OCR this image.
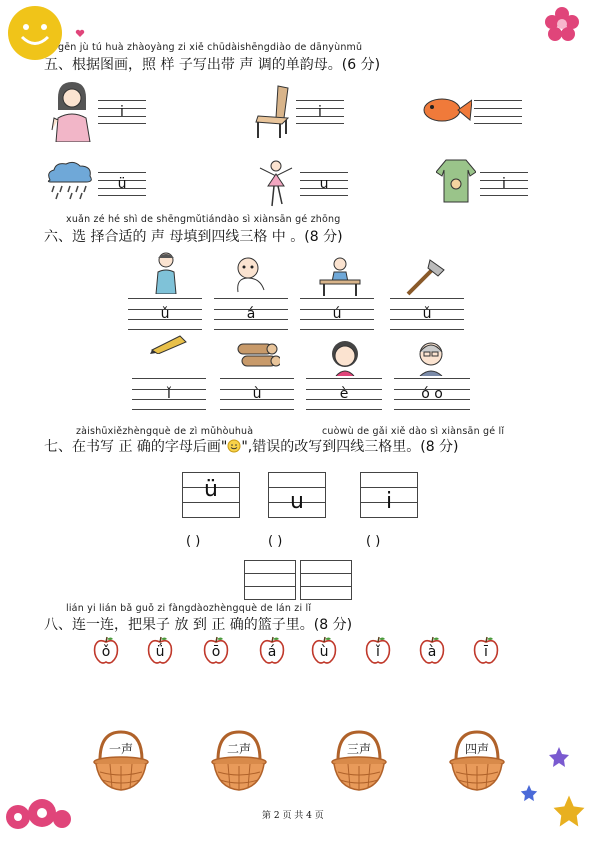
gēn jù tú huà zhàoyàng zi xiě chūdàishēngdiào de dānyùnmǔ
五、根据图画，照 样 子写出带 声 调的单韵母。(6 分)
i	i
ü	u	i
xuǎn zé hé shì de shēngmǔtiándào sì xiànsān gé zhōng
六、选 择合适的 声 母填到四线三格 中 。(8 分)
ǔ	á	ú	ǔ
ǐ	ù	è	ó o
zàishūxiězhèngquè de zì mǔhòuhuà	cuòwù de gǎi xiě dào sì xiànsān gé lǐ
七、在书写 正 确的字母后画" ",错误的改写到四线三格里。(8 分)
ü	u	i
( )	( )	( )
lián yi lián bǎ guǒ zi fàngdàozhèngquè de lán zi lǐ
八、连一连，把果子 放 到 正 确的篮子里。(8 分)
ǒ	ǘ	ō	á	ù	ǐ	à	ī
一声	二声	三声	四声
第 2 页 共 4 页
